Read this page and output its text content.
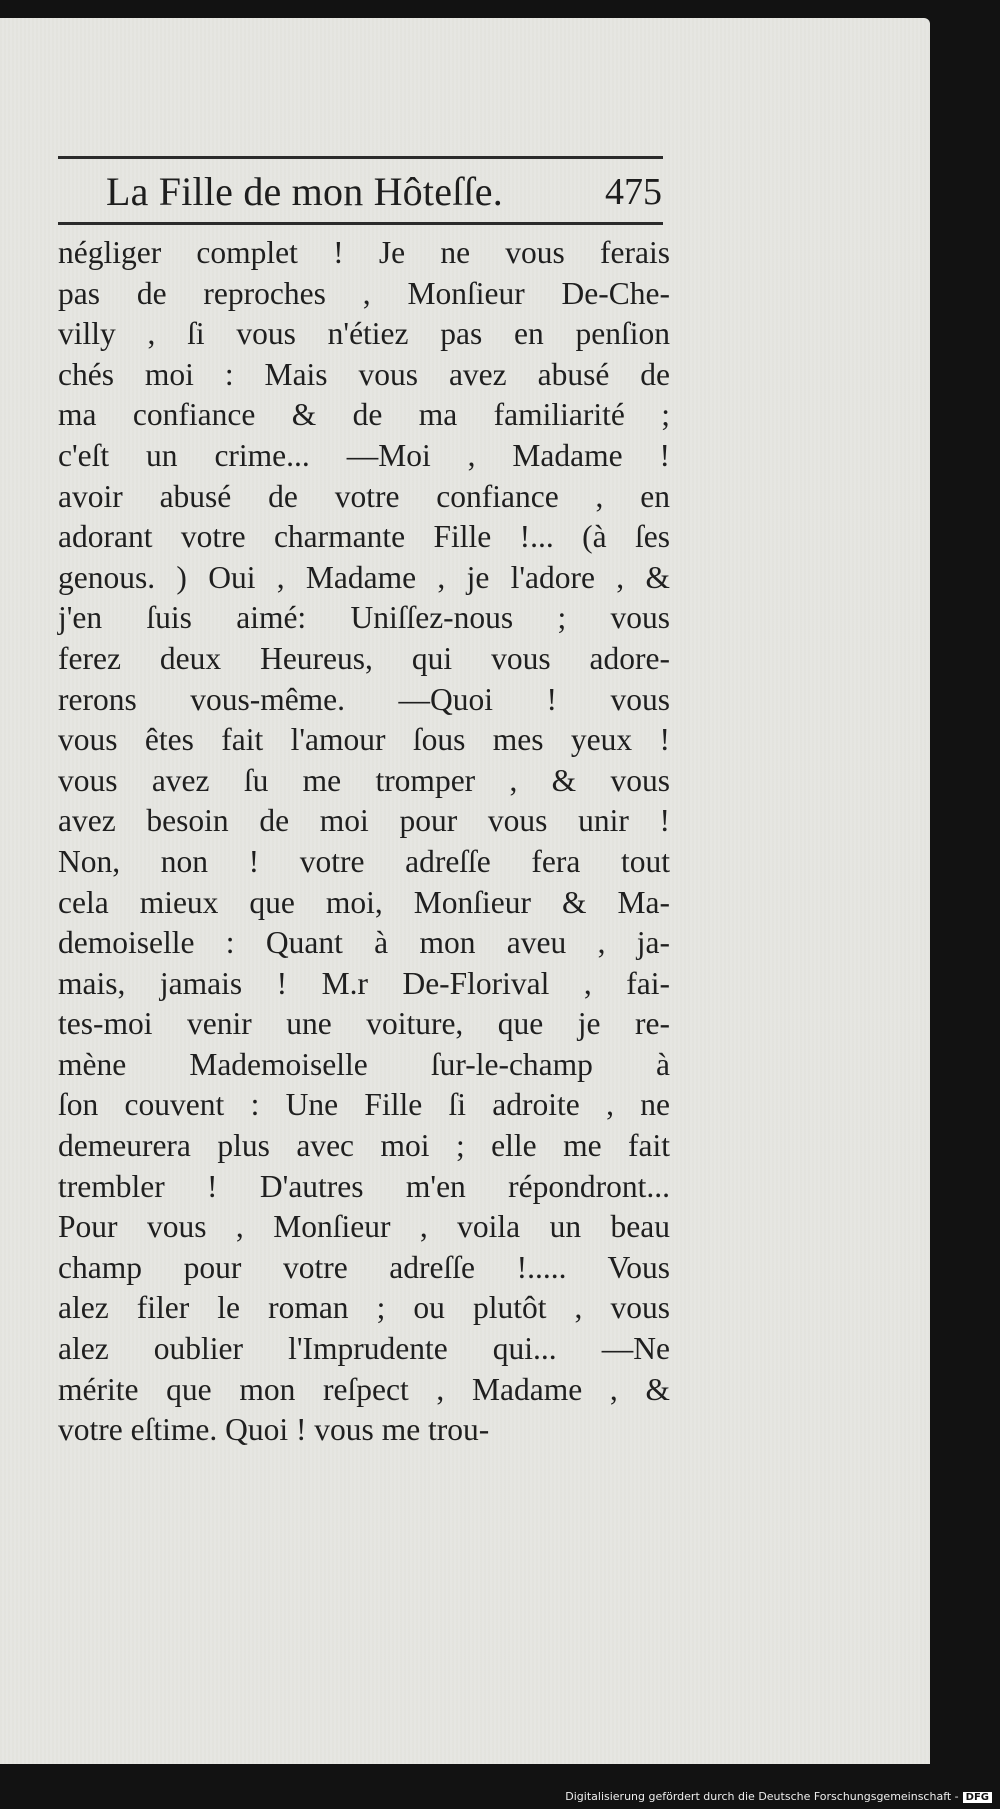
La Fille de mon Hôteſſe.	475
négliger complet ! Je ne vous ferais
pas de reproches , Monſieur De-Che-
villy , ſi vous n'étiez pas en penſion
chés moi : Mais vous avez abusé de
ma confiance & de ma familiarité ;
c'eſt un crime... —Moi , Madame !
avoir abusé de votre confiance , en
adorant votre charmante Fille !... (à ſes
genous. ) Oui , Madame , je l'adore , &
j'en ſuis aimé: Uniſſez-nous ; vous
ferez deux Heureus, qui vous adore-
rerons vous-même. —Quoi ! vous
vous êtes fait l'amour ſous mes yeux !
vous avez ſu me tromper , & vous
avez besoin de moi pour vous unir !
Non, non ! votre adreſſe fera tout
cela mieux que moi, Monſieur & Ma-
demoiselle : Quant à mon aveu , ja-
mais, jamais ! M.r De-Florival , fai-
tes-moi venir une voiture, que je re-
mène Mademoiselle ſur-le-champ à
ſon couvent : Une Fille ſi adroite , ne
demeurera plus avec moi ; elle me fait
trembler ! D'autres m'en répondront...
Pour vous , Monſieur , voila un beau
champ pour votre adreſſe !..... Vous
alez filer le roman ; ou plutôt , vous
alez oublier l'Imprudente qui... —Ne
mérite que mon reſpect , Madame , &
votre eſtime. Quoi ! vous me trou-
Digitalisierung gefördert durch die Deutsche Forschungsgemeinschaft - DFG
